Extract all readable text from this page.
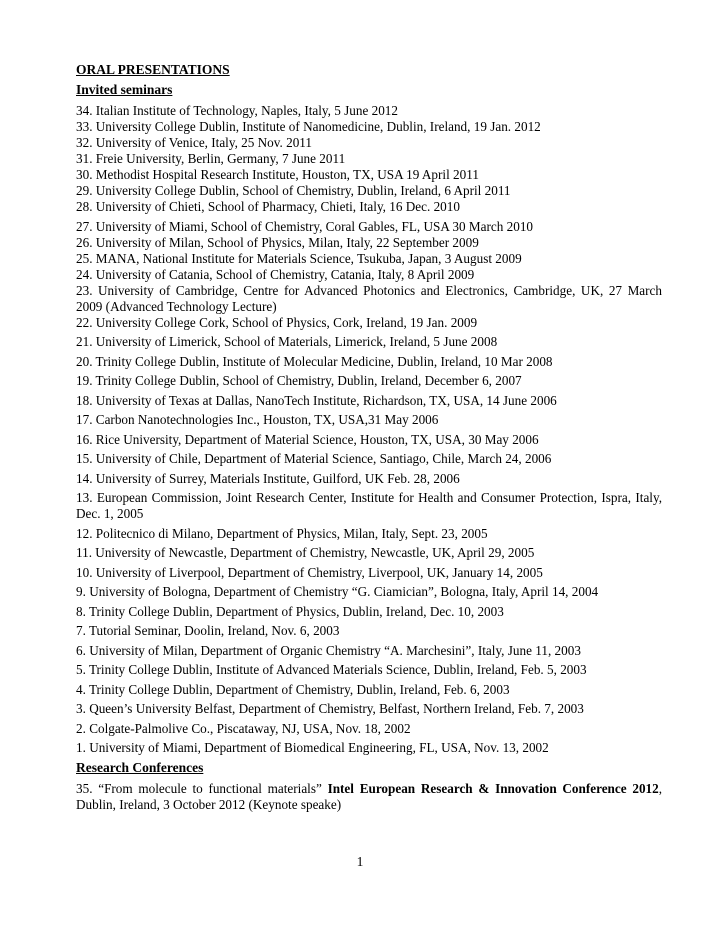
ORAL PRESENTATIONS

Invited seminars

34. Italian Institute of Technology, Naples, Italy, 5 June 2012

33. University College Dublin, Institute of Nanomedicine, Dublin, Ireland, 19 Jan. 2012

32. University of Venice, Italy, 25 Nov. 2011

31. Freie University, Berlin, Germany, 7 June 2011

30. Methodist Hospital Research Institute, Houston, TX, USA 19 April 2011

29. University College Dublin, School of Chemistry, Dublin, Ireland, 6 April 2011

28. University of Chieti, School of Pharmacy, Chieti, Italy, 16 Dec. 2010

27. University of Miami, School of Chemistry, Coral Gables, FL, USA 30 March 2010

26. University of Milan, School of Physics, Milan, Italy, 22 September 2009

25. MANA, National Institute for Materials Science, Tsukuba, Japan, 3 August 2009

24. University of Catania, School of Chemistry, Catania, Italy, 8 April 2009

23. University of Cambridge, Centre for Advanced Photonics and Electronics, Cambridge, UK, 27 March 2009 (Advanced Technology Lecture)

22. University College Cork, School of Physics, Cork, Ireland, 19 Jan. 2009

21. University of Limerick, School of Materials, Limerick, Ireland, 5 June 2008

20. Trinity College Dublin, Institute of Molecular Medicine, Dublin, Ireland, 10 Mar 2008

19. Trinity College Dublin, School of Chemistry, Dublin, Ireland, December 6, 2007

18. University of Texas at Dallas, NanoTech Institute, Richardson, TX, USA, 14 June 2006

17. Carbon Nanotechnologies Inc., Houston, TX, USA,31 May 2006

16. Rice University, Department of Material Science, Houston, TX, USA, 30 May 2006

15. University of Chile, Department of Material Science, Santiago, Chile, March 24, 2006

14. University of Surrey, Materials Institute, Guilford, UK Feb. 28, 2006

13. European Commission, Joint Research Center, Institute for Health and Consumer Protection, Ispra, Italy, Dec. 1, 2005

12. Politecnico di Milano, Department of Physics, Milan, Italy, Sept. 23, 2005

11. University of Newcastle, Department of Chemistry, Newcastle, UK, April 29, 2005

10. University of Liverpool, Department of Chemistry, Liverpool, UK, January 14, 2005

9. University of Bologna, Department of Chemistry “G. Ciamician”, Bologna, Italy, April 14, 2004

8. Trinity College Dublin, Department of Physics, Dublin, Ireland, Dec. 10, 2003

7. Tutorial Seminar, Doolin, Ireland, Nov. 6, 2003

6. University of Milan, Department of Organic Chemistry “A. Marchesini”, Italy, June 11, 2003

5. Trinity College Dublin, Institute of Advanced Materials Science, Dublin, Ireland, Feb. 5, 2003

4. Trinity College Dublin, Department of Chemistry, Dublin, Ireland, Feb. 6, 2003

3. Queen’s University Belfast, Department of Chemistry, Belfast, Northern Ireland, Feb. 7, 2003

2. Colgate-Palmolive Co., Piscataway, NJ, USA, Nov. 18, 2002

1. University of Miami, Department of Biomedical Engineering, FL, USA, Nov. 13, 2002

Research Conferences

35. “From molecule to functional materials” Intel European Research & Innovation Conference 2012, Dublin, Ireland, 3 October 2012 (Keynote speake)

1
